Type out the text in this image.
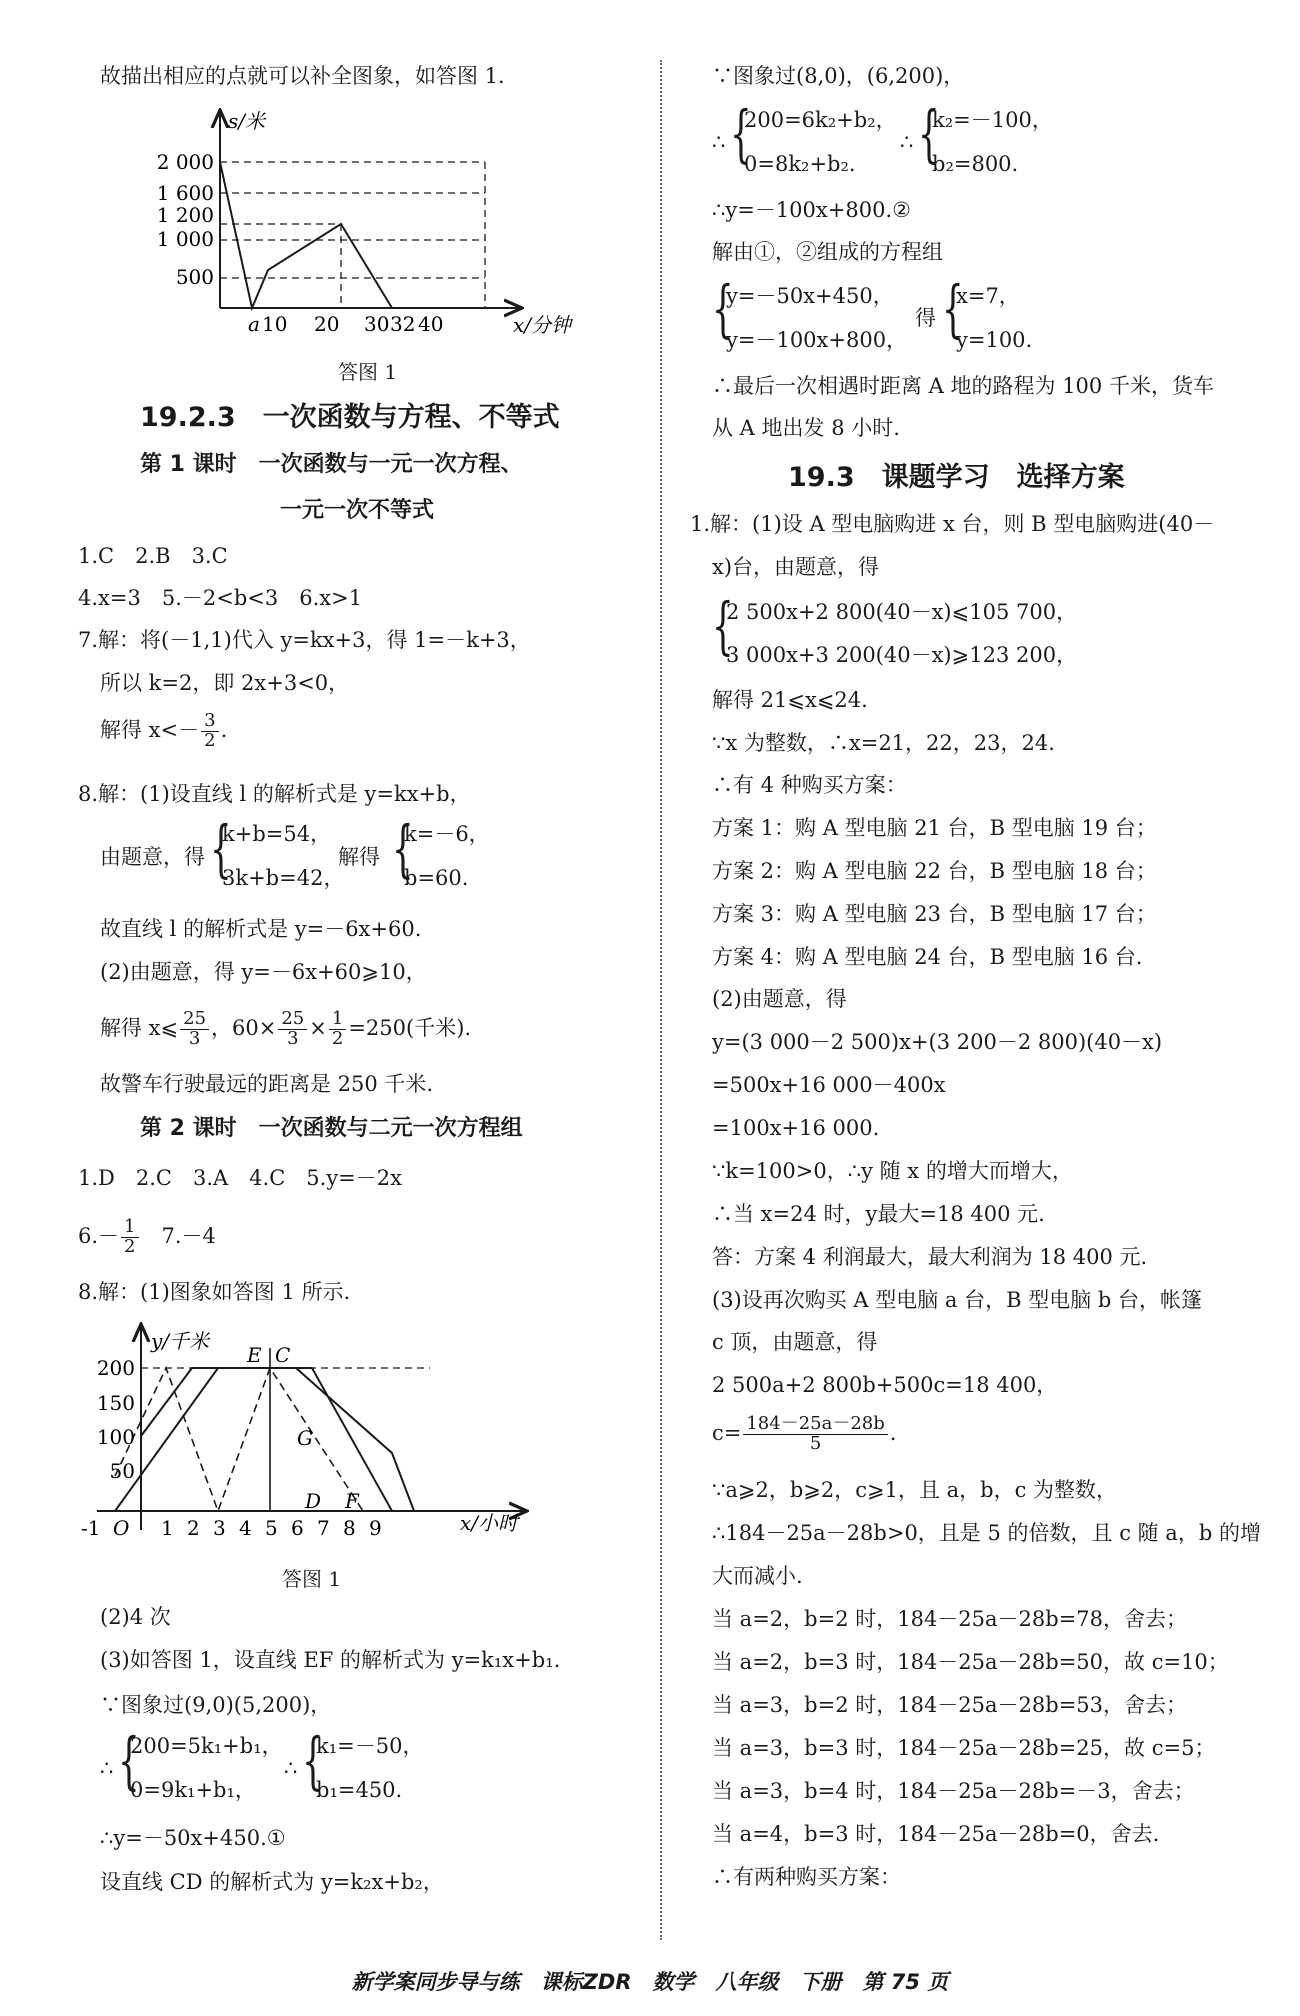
故描出相应的点就可以补全图象，如答图 1.
s/米
x/分钟
2 000
1 600
1 200
1 000
500
a 10 20 30 32 40
答图 1
19.2.3　一次函数与方程、不等式
第 1 课时　一次函数与一元一次方程、
一元一次不等式
1.C　2.B　3.C
4.x=3　5.－2<b<3　6.x>1
7.解：将(－1,1)代入 y=kx+3，得 1=－k+3，
所以 k=2，即 2x+3<0，
解得 $x<- \frac{3}{2}$ .
8.解：(1)设直线 l 的解析式是 y=kx+b，
由题意，得 {
k+b=54，
3k+b=42，
解得 {
k=－6，
b=60.
故直线 l 的解析式是 y=－6x+60.
(2)由题意，得 y=－6x+60⩾10，
解得 x⩽ $\frac{25}{3}$ ，$60\times \frac{25}{3} \times \frac{1}{2} =250$(千米).
故警车行驶最远的距离是 250 千米.
第 2 课时　一次函数与二元一次方程组
1.D　2.C　3.A　4.C　5.y=－2x
$6.- \frac{1}{2}$ 　7.－4
8.解：(1)图象如答图 1 所示.
y/千米
x/小时
200
150
100
50
-1 O 1 2 3 4 5 6 7 8 9
E C
G
D F
答图 1
(2)4 次
(3)如答图 1，设直线 EF 的解析式为 y=k₁x+b₁.
∵图象过(9,0)(5,200)，
∴ {
200=5k₁+b₁，
0=9k₁+b₁，
∴ {
k₁=－50，
b₁=450.
∴y=－50x+450.①
设直线 CD 的解析式为 y=k₂x+b₂，
∵图象过(8,0)，(6,200)，
∴ {
200=6k₂+b₂，
0=8k₂+b₂.
∴ {
k₂=－100，
b₂=800.
∴y=－100x+800.②
解由①，②组成的方程组
{
y=－50x+450，
y=－100x+800，
得 {
x=7，
y=100.
∴最后一次相遇时距离 A 地的路程为 100 千米，货车
从 A 地出发 8 小时.
19.3　课题学习　选择方案
1.解：(1)设 A 型电脑购进 x 台，则 B 型电脑购进(40－
x)台，由题意，得
{
2 500x+2 800(40－x)⩽105 700，
3 000x+3 200(40－x)⩾123 200，
解得 21⩽x⩽24.
∵x 为整数，∴x=21，22，23，24.
∴有 4 种购买方案：
方案 1：购 A 型电脑 21 台，B 型电脑 19 台；
方案 2：购 A 型电脑 22 台，B 型电脑 18 台；
方案 3：购 A 型电脑 23 台，B 型电脑 17 台；
方案 4：购 A 型电脑 24 台，B 型电脑 16 台.
(2)由题意，得
y=(3 000－2 500)x+(3 200－2 800)(40－x)
=500x+16 000－400x
=100x+16 000.
∵k=100>0，∴y 随 x 的增大而增大，
∴当 x=24 时，y最大=18 400 元.
答：方案 4 利润最大，最大利润为 18 400 元.
(3)设再次购买 A 型电脑 a 台，B 型电脑 b 台，帐篷
c 顶，由题意，得
2 500a+2 800b+500c=18 400，
$c= \frac{184-25a-28b}{5}$ .
∵a⩾2，b⩾2，c⩾1，且 a，b，c 为整数，
∴184－25a－28b>0，且是 5 的倍数，且 c 随 a，b 的增
大而减小.
当 a=2，b=2 时，184－25a－28b=78，舍去；
当 a=2，b=3 时，184－25a－28b=50，故 c=10；
当 a=3，b=2 时，184－25a－28b=53，舍去；
当 a=3，b=3 时，184－25a－28b=25，故 c=5；
当 a=3，b=4 时，184－25a－28b=－3，舍去；
当 a=4，b=3 时，184－25a－28b=0，舍去.
∴有两种购买方案：
新学案同步导与练　课标ZDR　数学　八年级　下册　第 75 页
